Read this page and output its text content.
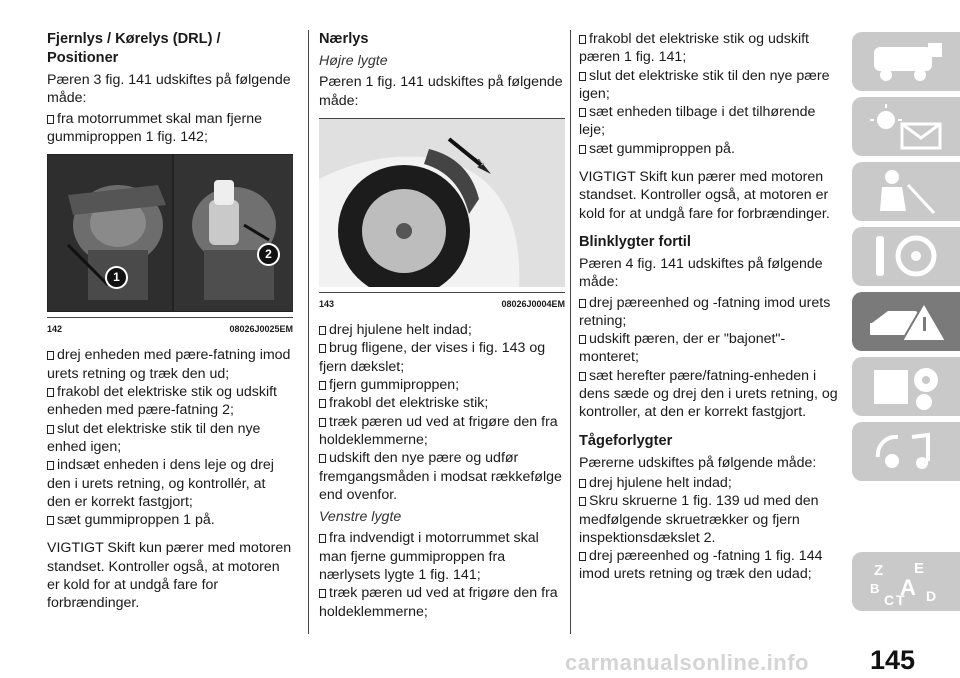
Fjernlys / Kørelys (DRL) / Positioner

Pæren 3 fig. 141 udskiftes på følgende måde:

fra motorrummet skal man fjerne gummiproppen 1 fig. 142;

1
2
142	08026J0025EM

drej enheden med pære-fatning imod urets retning og træk den ud;

frakobl det elektriske stik og udskift enheden med pære-fatning 2;

slut det elektriske stik til den nye enhed igen;

indsæt enheden i dens leje og drej den i urets retning, og kontrollér, at den er korrekt fastgjort;

sæt gummiproppen 1 på.

VIGTIGT Skift kun pærer med motoren standset. Kontroller også, at motoren er kold for at undgå fare for forbrændinger.

Nærlys

Højre lygte

Pæren 1 fig. 141 udskiftes på følgende måde:

143	08026J0004EM

drej hjulene helt indad;

brug fligene, der vises i fig. 143 og fjern dækslet;

fjern gummiproppen;

frakobl det elektriske stik;

træk pæren ud ved at frigøre den fra holdeklemmerne;

udskift den nye pære og udfør fremgangsmåden i modsat rækkefølge end ovenfor.

Venstre lygte

fra indvendigt i motorrummet skal man fjerne gummiproppen fra nærlysets lygte 1 fig. 141;

træk pæren ud ved at frigøre den fra holdeklemmerne;

frakobl det elektriske stik og udskift pæren 1 fig. 141;

slut det elektriske stik til den nye pære igen;

sæt enheden tilbage i det tilhørende leje;

sæt gummiproppen på.

VIGTIGT Skift kun pærer med motoren standset. Kontroller også, at motoren er kold for at undgå fare for forbrændinger.

Blinklygter fortil

Pæren 4 fig. 141 udskiftes på følgende måde:

drej pæreenhed og -fatning imod urets retning;

udskift pæren, der er "bajonet"-monteret;

sæt herefter pære/fatning-enheden i dens sæde og drej den i urets retning, og kontroller, at den er korrekt fastgjort.

Tågeforlygter

Pærerne udskiftes på følgende måde:

drej hjulene helt indad;

Skru skruerne 1 fig. 139 ud med den medfølgende skruetrækker og fjern inspektionsdækslet 2.

drej pæreenhed og -fatning 1 fig. 144 imod urets retning og træk den udad;	Z E
B A
C T D
carmanualsonline.info 145
